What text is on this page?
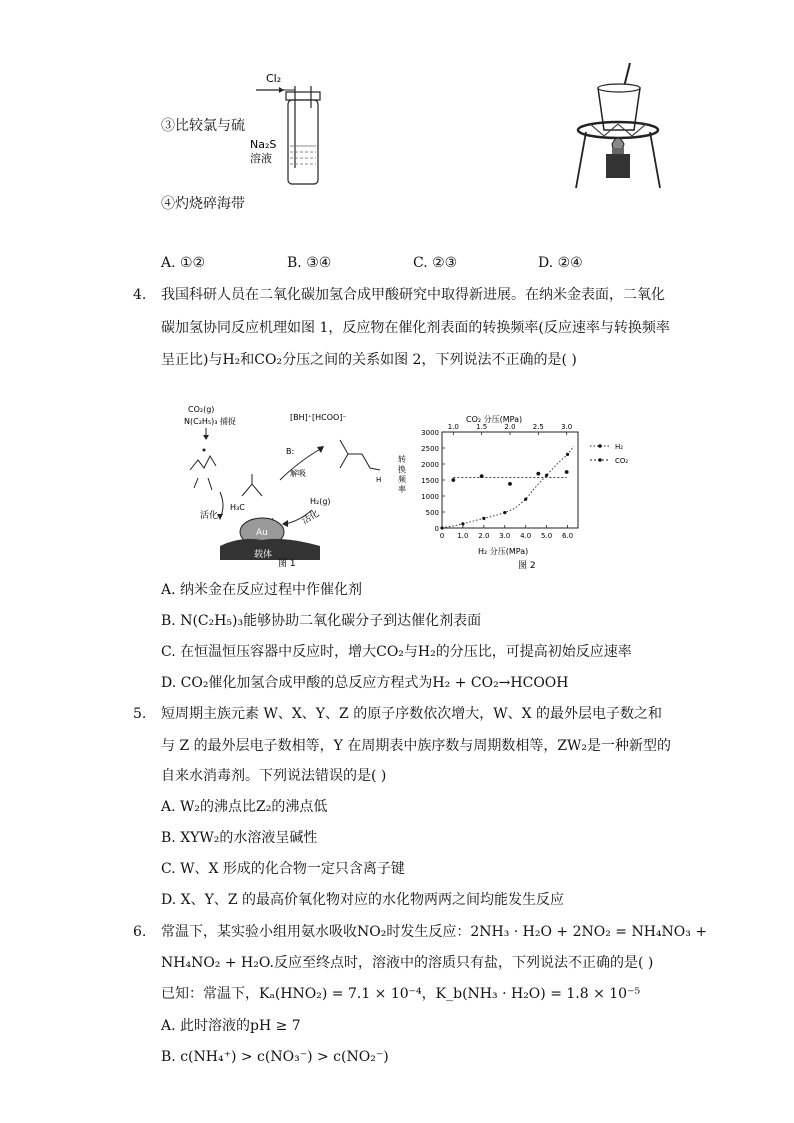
③比较氯与硫
④灼烧碎海带
Cl₂
Na₂S
溶液
A. ①②	B. ③④	C. ②③	D. ②④
4. 我国科研人员在二氧化碳加氢合成甲酸研究中取得新进展。在纳米金表面，二氧化
碳加氢协同反应机理如图 1，反应物在催化剂表面的转换频率(反应速率与转换频率
呈正比)与H₂和CO₂分压之间的关系如图 2，下列说法不正确的是( )
CO₂(g)
N(C₂H₅)₃ 捕捉
活化
H₃C
Au
载体
H₂(g)
活化
[BH]⁺[HCOO]⁻
B:
解吸
H
图 1
CO₂ 分压(MPa)
H₂ 分压(MPa)
转
换
频
率
图 2
3000
2500
2000
1500
1000
500
0
0 1.0 2.0 3.0 4.0 5.0 6.0
1.0 1.5 2.0 2.5 3.0
H₂
CO₂
A. 纳米金在反应过程中作催化剂
B. N(C₂H₅)₃能够协助二氧化碳分子到达催化剂表面
C. 在恒温恒压容器中反应时，增大CO₂与H₂的分压比，可提高初始反应速率
D. CO₂催化加氢合成甲酸的总反应方程式为H₂ + CO₂→HCOOH
5. 短周期主族元素 W、X、Y、Z 的原子序数依次增大，W、X 的最外层电子数之和
与 Z 的最外层电子数相等，Y 在周期表中族序数与周期数相等，ZW₂是一种新型的
自来水消毒剂。下列说法错误的是( )
A. W₂的沸点比Z₂的沸点低
B. XYW₂的水溶液呈碱性
C. W、X 形成的化合物一定只含离子键
D. X、Y、Z 的最高价氧化物对应的水化物两两之间均能发生反应
6. 常温下，某实验小组用氨水吸收NO₂时发生反应：2NH₃ · H₂O + 2NO₂ = NH₄NO₃ +
NH₄NO₂ + H₂O.反应至终点时，溶液中的溶质只有盐，下列说法不正确的是( )
已知：常温下，Kₐ(HNO₂) = 7.1 × 10⁻⁴，K_b(NH₃ · H₂O) = 1.8 × 10⁻⁵
A. 此时溶液的pH ≥ 7
B. c(NH₄⁺) > c(NO₃⁻) > c(NO₂⁻)
